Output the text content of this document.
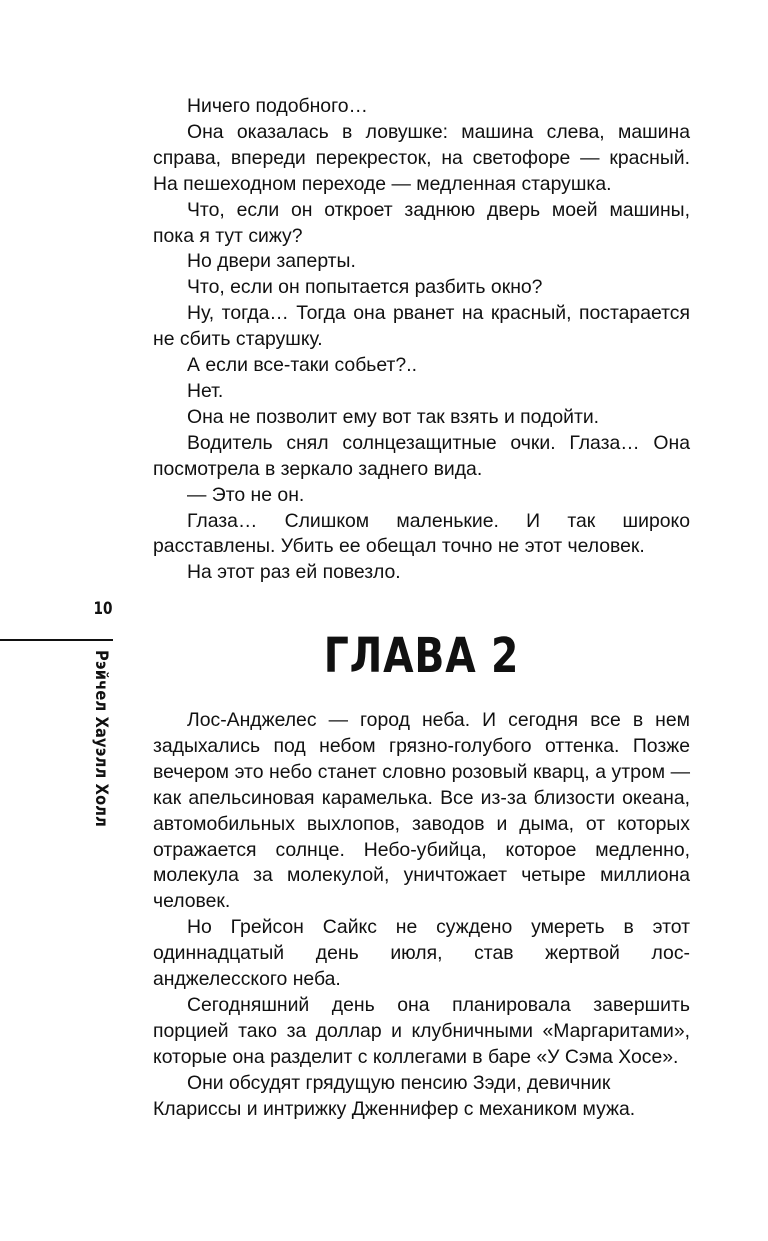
Ничего подобного…

Она оказалась в ловушке: машина слева, машина справа, впереди перекресток, на светофоре — красный. На пешеходном переходе — медленная старушка.

Что, если он откроет заднюю дверь моей машины, пока я тут сижу?

Но двери заперты.

Что, если он попытается разбить окно?

Ну, тогда… Тогда она рванет на красный, постарается не сбить старушку.

А если все-таки собьет?..

Нет.

Она не позволит ему вот так взять и подойти.

Водитель снял солнцезащитные очки. Глаза… Она посмотрела в зеркало заднего вида.

— Это не он.

Глаза… Слишком маленькие. И так широко расставлены. Убить ее обещал точно не этот человек.

На этот раз ей повезло.

10
Рэйчел Хауэлл Холл	ГЛАВА 2

Лос-Анджелес — город неба. И сегодня все в нем задыхались под небом грязно-голубого оттенка. Позже вечером это небо станет словно розовый кварц, а утром — как апельсиновая карамелька. Все из-за близости океана, автомобильных выхлопов, заводов и дыма, от которых отражается солнце. Небо-убийца, которое медленно, молекула за молекулой, уничтожает четыре миллиона человек.

Но Грейсон Сайкс не суждено умереть в этот одиннадцатый день июля, став жертвой лос-анджелесского неба.

Сегодняшний день она планировала завершить порцией тако за доллар и клубничными «Маргаритами», которые она разделит с коллегами в баре «У Сэма Хосе».

Они обсудят грядущую пенсию Зэди, девичник Клариссы и интрижку Дженнифер с механиком мужа.
